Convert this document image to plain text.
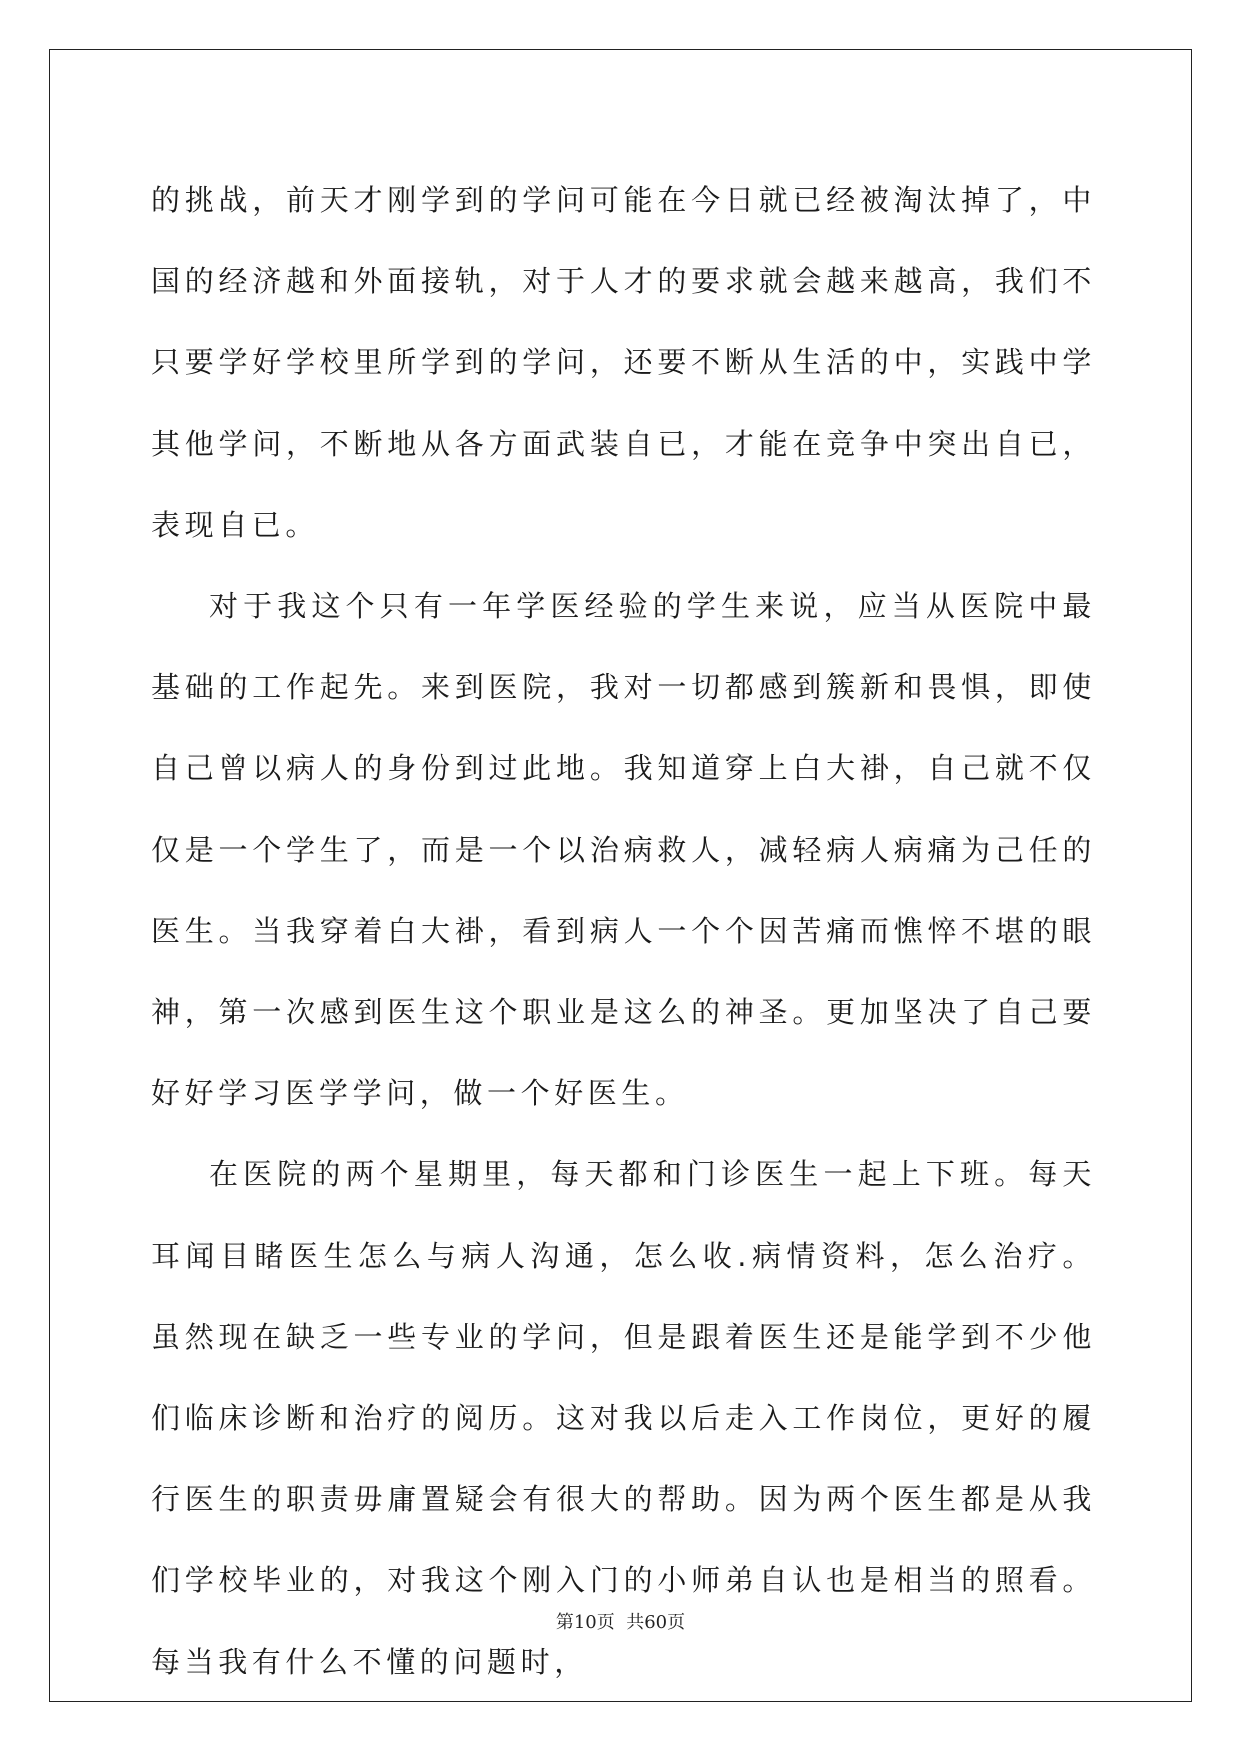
的挑战，前天才刚学到的学问可能在今日就已经被淘汰掉了，中国的经济越和外面接轨，对于人才的要求就会越来越高，我们不只要学好学校里所学到的学问，还要不断从生活的中，实践中学其他学问，不断地从各方面武装自已，才能在竞争中突出自已，表现自已。

对于我这个只有一年学医经验的学生来说，应当从医院中最基础的工作起先。来到医院，我对一切都感到簇新和畏惧，即使自己曾以病人的身份到过此地。我知道穿上白大褂，自己就不仅仅是一个学生了，而是一个以治病救人，减轻病人病痛为己任的医生。当我穿着白大褂，看到病人一个个因苦痛而憔悴不堪的眼神，第一次感到医生这个职业是这么的神圣。更加坚决了自己要好好学习医学学问，做一个好医生。

在医院的两个星期里，每天都和门诊医生一起上下班。每天耳闻目睹医生怎么与病人沟通，怎么收.病情资料，怎么治疗。虽然现在缺乏一些专业的学问，但是跟着医生还是能学到不少他们临床诊断和治疗的阅历。这对我以后走入工作岗位，更好的履行医生的职责毋庸置疑会有很大的帮助。因为两个医生都是从我们学校毕业的，对我这个刚入门的小师弟自认也是相当的照看。每当我有什么不懂的问题时，

第10页  共60页
